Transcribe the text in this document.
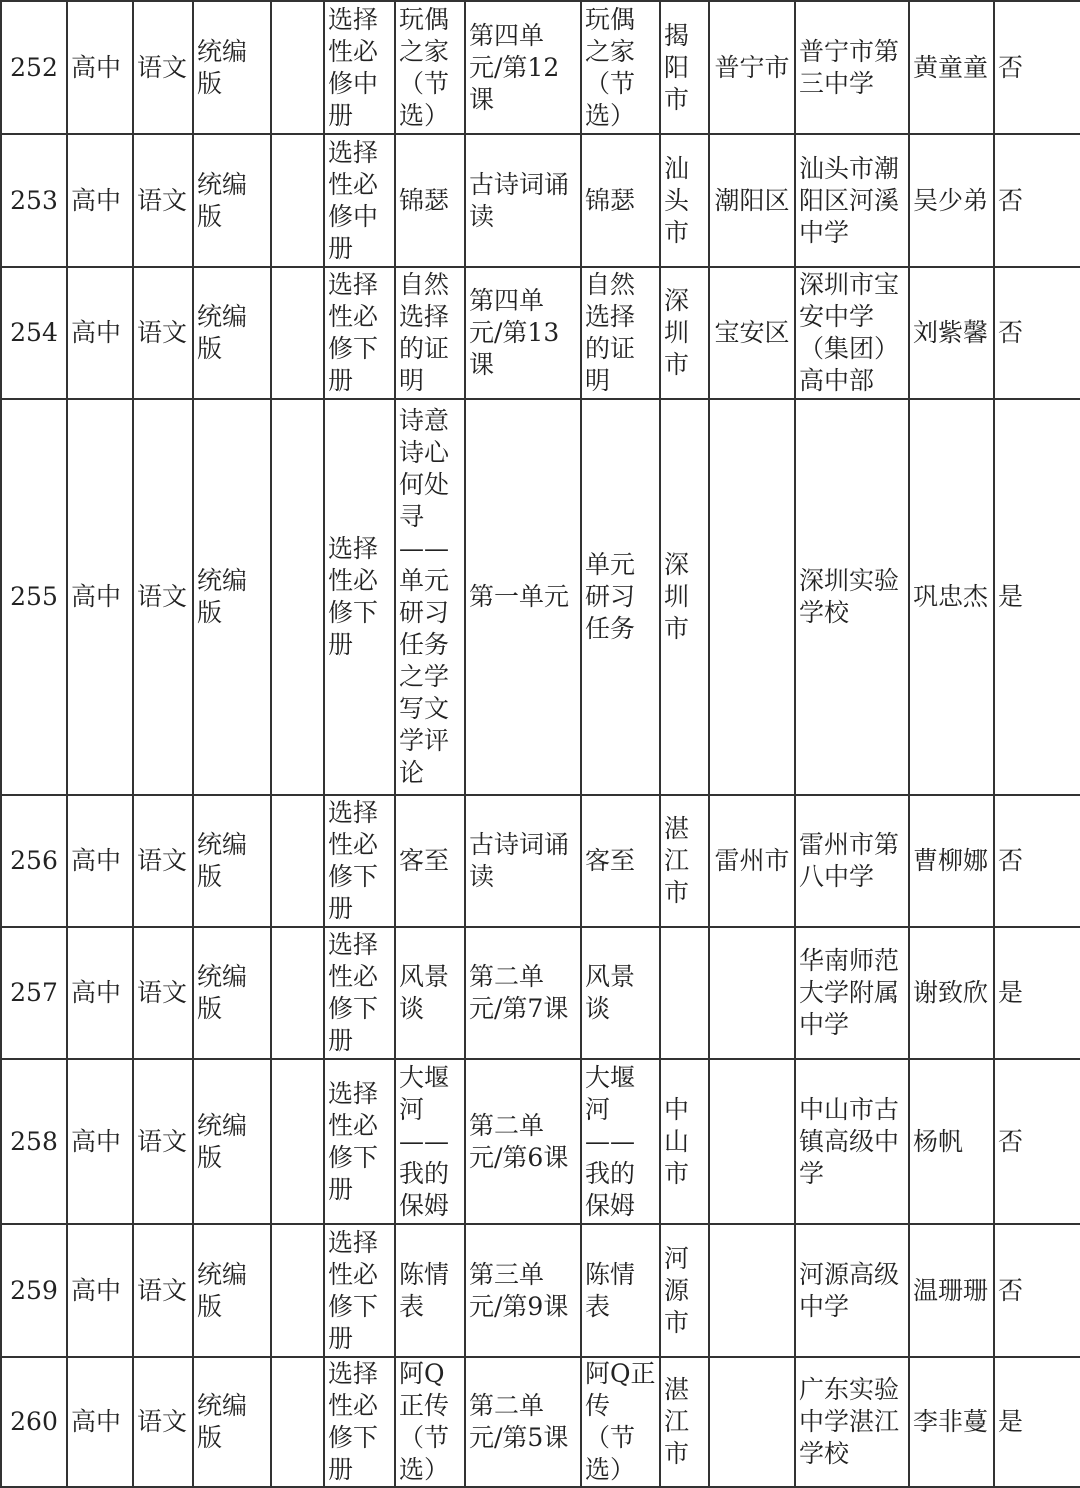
252	高中	语文	统编版		选择性必修中册	玩偶之家（节选）	第四单元/第12课	玩偶之家（节选）	揭阳市	普宁市	普宁市第三中学	黄童童	否
253	高中	语文	统编版		选择性必修中册	锦瑟	古诗词诵读	锦瑟	汕头市	潮阳区	汕头市潮阳区河溪中学	吴少弟	否
254	高中	语文	统编版		选择性必修下册	自然选择的证明	第四单元/第13课	自然选择的证明	深圳市	宝安区	深圳市宝安中学（集团）高中部	刘紫馨	否
255	高中	语文	统编版		选择性必修下册	诗意诗心何处寻——单元研习任务之学写文学评论	第一单元	单元研习任务	深圳市		深圳实验学校	巩忠杰	是
256	高中	语文	统编版		选择性必修下册	客至	古诗词诵读	客至	湛江市	雷州市	雷州市第八中学	曹柳娜	否
257	高中	语文	统编版		选择性必修下册	风景谈	第二单元/第7课	风景谈			华南师范大学附属中学	谢致欣	是
258	高中	语文	统编版		选择性必修下册	大堰河——我的保姆	第二单元/第6课	大堰河——我的保姆	中山市		中山市古镇高级中学	杨帆	否
259	高中	语文	统编版		选择性必修下册	陈情表	第三单元/第9课	陈情表	河源市		河源高级中学	温珊珊	否
260	高中	语文	统编版		选择性必修下册	阿Q正传（节选）	第二单元/第5课	阿Q正传（节选）	湛江市		广东实验中学湛江学校	李非蔓	是
